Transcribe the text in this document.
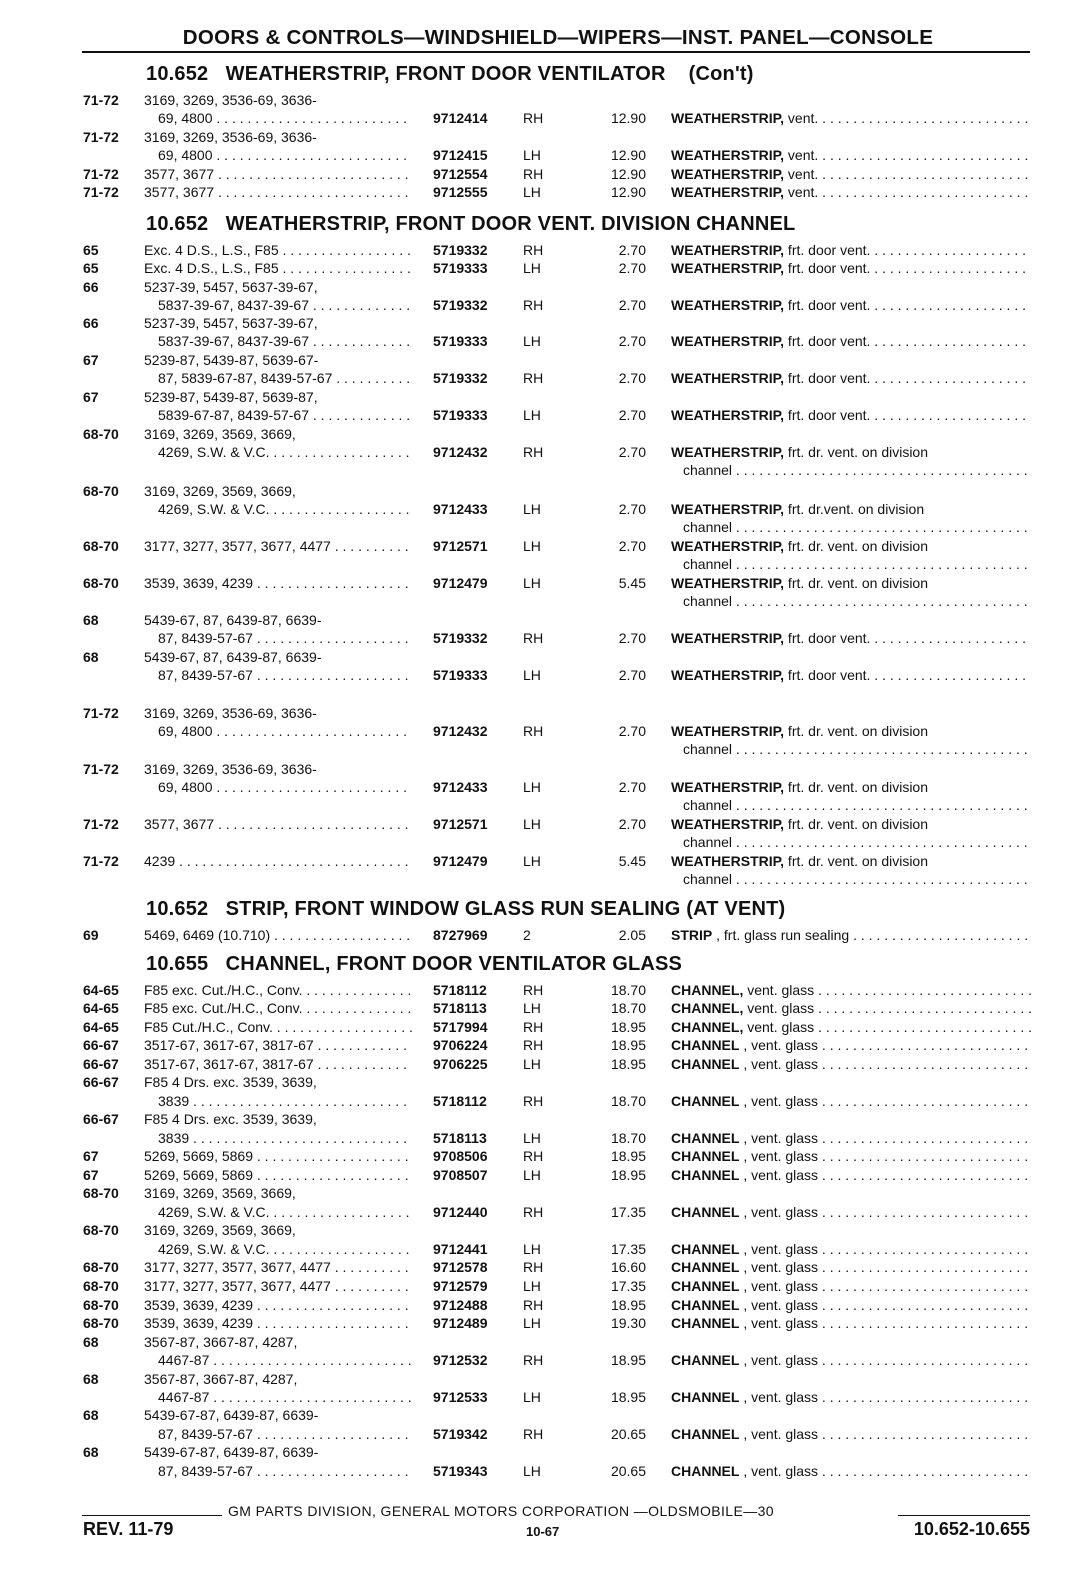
DOORS & CONTROLS—WINDSHIELD—WIPERS—INST. PANEL—CONSOLE
10.652   WEATHERSTRIP, FRONT DOOR VENTILATOR    (Con't)
71-72 3169, 3269, 3536-69, 3636-
69, 4800 . . .	9712414	RH	12.90 WEATHERSTRIP, vent. . . .
71-72 3169, 3269, 3536-69, 3636-
69, 4800 . . .	9712415	LH	12.90 WEATHERSTRIP, vent. . . .
71-72 3577, 3677 . . .	9712554	RH	12.90 WEATHERSTRIP, vent. . . .
71-72 3577, 3677 . . .	9712555	LH	12.90 WEATHERSTRIP, vent. . . .
10.652   WEATHERSTRIP, FRONT DOOR VENT. DIVISION CHANNEL
65	Exc. 4 D.S., L.S., F85 . . .	5719332	RH	2.70 WEATHERSTRIP, frt. door vent. . . .
65	Exc. 4 D.S., L.S., F85 . . .	5719333	LH	2.70 WEATHERSTRIP, frt. door vent. . . .
66	5237-39, 5457, 5637-39-67,
5837-39-67, 8437-39-67 . . .	5719332	RH	2.70 WEATHERSTRIP, frt. door vent. . . .
66	5237-39, 5457, 5637-39-67,
5837-39-67, 8437-39-67 . . .	5719333	LH	2.70 WEATHERSTRIP, frt. door vent. . . .
67	5239-87, 5439-87, 5639-67-
87, 5839-67-87, 8439-57-67 . . .	5719332	RH	2.70 WEATHERSTRIP, frt. door vent. . . .
67	5239-87, 5439-87, 5639-87,
5839-67-87, 8439-57-67 . . .	5719333	LH	2.70 WEATHERSTRIP, frt. door vent. . . .
68-70 3169, 3269, 3569, 3669,
4269, S.W. & V.C. . . .	9712432	RH	2.70 WEATHERSTRIP, frt. dr. vent. on division
channel . . .
68-70 3169, 3269, 3569, 3669,
4269, S.W. & V.C. . . .	9712433	LH	2.70 WEATHERSTRIP, frt. dr.vent. on division
channel . . .
68-70 3177, 3277, 3577, 3677, 4477 . . .	9712571	LH	2.70 WEATHERSTRIP, frt. dr. vent. on division
channel . . .
68-70 3539, 3639, 4239 . . .	9712479	LH	5.45 WEATHERSTRIP, frt. dr. vent. on division
channel . . .
68	5439-67, 87, 6439-87, 6639-
87, 8439-57-67 . . .	5719332	RH	2.70 WEATHERSTRIP, frt. door vent. . . .
68	5439-67, 87, 6439-87, 6639-
87, 8439-57-67 . . .	5719333	LH	2.70 WEATHERSTRIP, frt. door vent. . . .
71-72 3169, 3269, 3536-69, 3636-
69, 4800 . . .	9712432	RH	2.70 WEATHERSTRIP, frt. dr. vent. on division
channel . . .
71-72 3169, 3269, 3536-69, 3636-
69, 4800 . . .	9712433	LH	2.70 WEATHERSTRIP, frt. dr. vent. on division
channel . . .
71-72 3577, 3677 . . .	9712571	LH	2.70 WEATHERSTRIP, frt. dr. vent. on division
channel . . .
71-72 4239 . . .	9712479	LH	5.45 WEATHERSTRIP, frt. dr. vent. on division
channel . . .
10.652   STRIP, FRONT WINDOW GLASS RUN SEALING (AT VENT)
69	5469, 6469 (10.710) . . .	8727969	2	2.05 STRIP , frt. glass run sealing . . .
10.655   CHANNEL, FRONT DOOR VENTILATOR GLASS
64-65 F85 exc. Cut./H.C., Conv. . . .	5718112	RH	18.70 CHANNEL, vent. glass . . .
64-65 F85 exc. Cut./H.C., Conv. . . .	5718113	LH	18.70 CHANNEL, vent. glass . . .
64-65 F85 Cut./H.C., Conv. . . .	5717994	RH	18.95 CHANNEL, vent. glass . . .
66-67 3517-67, 3617-67, 3817-67 . . .	9706224	RH	18.95 CHANNEL , vent. glass . . .
66-67 3517-67, 3617-67, 3817-67 . . .	9706225	LH	18.95 CHANNEL , vent. glass . . .
66-67 F85 4 Drs. exc. 3539, 3639,
3839 . . .	5718112	RH	18.70 CHANNEL , vent. glass . . .
66-67 F85 4 Drs. exc. 3539, 3639,
3839 . . .	5718113	LH	18.70 CHANNEL , vent. glass . . .
67	5269, 5669, 5869 . . .	9708506	RH	18.95 CHANNEL , vent. glass . . .
67	5269, 5669, 5869 . . .	9708507	LH	18.95 CHANNEL , vent. glass . . .
68-70 3169, 3269, 3569, 3669,
4269, S.W. & V.C. . . .	9712440	RH	17.35 CHANNEL , vent. glass . . .
68-70 3169, 3269, 3569, 3669,
4269, S.W. & V.C. . . .	9712441	LH	17.35 CHANNEL , vent. glass . . .
68-70 3177, 3277, 3577, 3677, 4477 . . .	9712578	RH	16.60 CHANNEL , vent. glass . . .
68-70 3177, 3277, 3577, 3677, 4477 . . .	9712579	LH	17.35 CHANNEL , vent. glass . . .
68-70 3539, 3639, 4239 . . .	9712488	RH	18.95 CHANNEL , vent. glass . . .
68-70 3539, 3639, 4239 . . .	9712489	LH	19.30 CHANNEL , vent. glass . . .
68	3567-87, 3667-87, 4287,
4467-87 . . .	9712532	RH	18.95 CHANNEL , vent. glass . . .
68	3567-87, 3667-87, 4287,
4467-87 . . .	9712533	LH	18.95 CHANNEL , vent. glass . . .
68	5439-67-87, 6439-87, 6639-
87, 8439-57-67 . . .	5719342	RH	20.65 CHANNEL , vent. glass . . .
68	5439-67-87, 6439-87, 6639-
87, 8439-57-67 . . .	5719343	LH	20.65 CHANNEL , vent. glass . . .
GM PARTS DIVISION, GENERAL MOTORS CORPORATION —OLDSMOBILE—30
REV. 11-79	10-67	10.652-10.655
